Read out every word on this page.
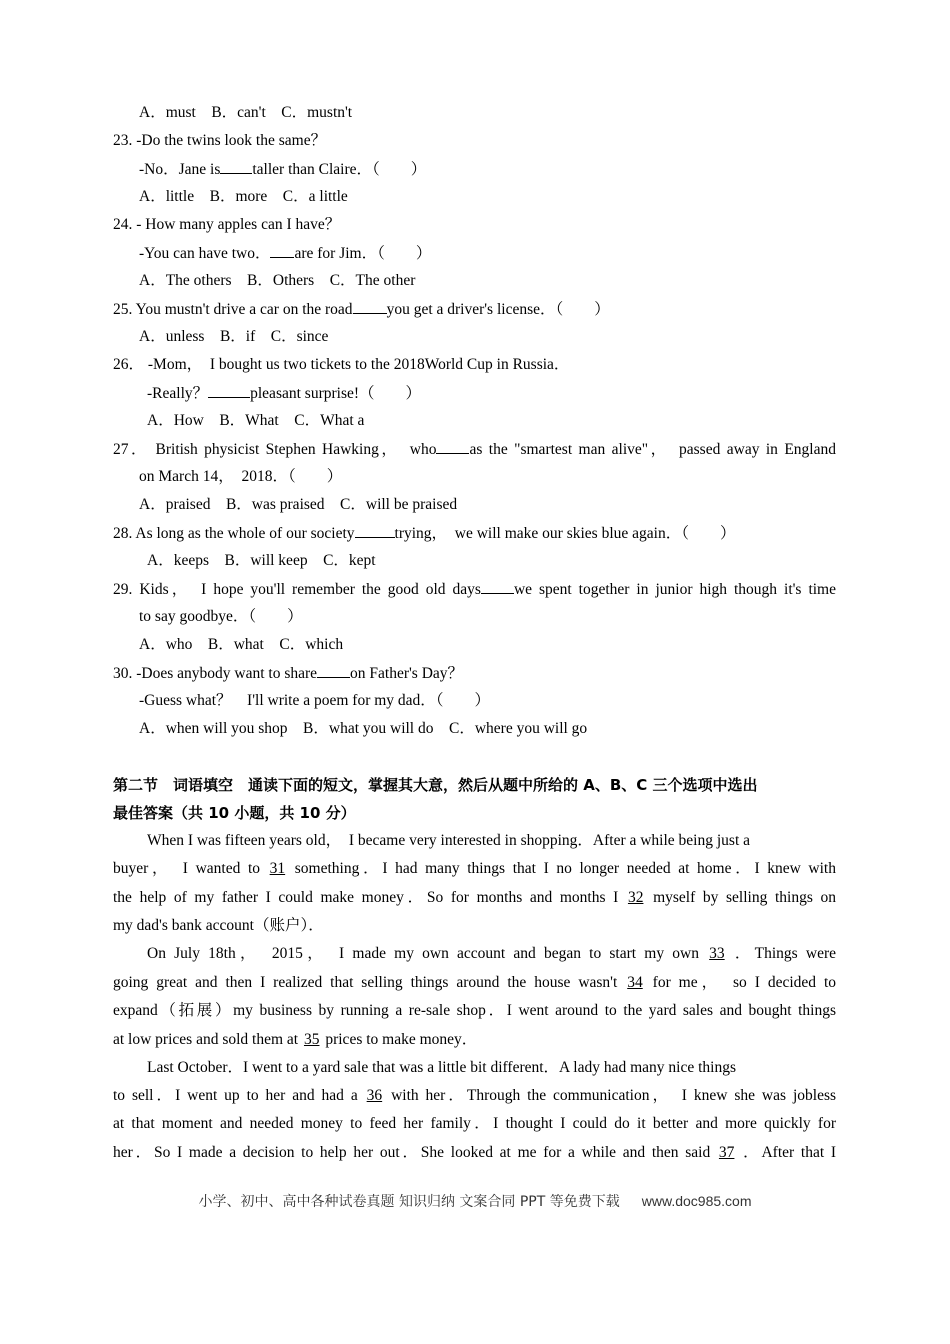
A．must　B．can't　C．mustn't
23. -Do the twins look the same？
-No．Jane is taller than Claire．（　　）
A．little　B．more　C．a little
24. - How many apples can I have？
-You can have two． are for Jim．（　　）
A．The others　B．Others　C．The other
25. You mustn't drive a car on the road you get a driver's license．（　　）
A．unless　B．if　C．since
26． -Mom，　I bought us two tickets to the 2018World Cup in Russia．
-Really？	pleasant surprise!（　　）
A．How　B．What　C．What a
27． British physicist Stephen Hawking，　who as the "smartest man alive"，　passed away in England
on March 14，　2018．（　　）
A．praised　B．was praised　C．will be praised
28. As long as the whole of our society	trying，　we will make our skies blue again．（　　）
A．keeps　B．will keep　C．kept
29. Kids，　I hope you'll remember the good old days we spent together in junior high though it's time
to say goodbye．（　　）
A．who　B．what　C．which
30. -Does anybody want to share on Father's Day？
-Guess what？　I'll write a poem for my dad．（　　）
A．when will you shop　B．what you will do　C．where you will go
第二节　词语填空　通读下面的短文，掌握其大意，然后从题中所给的 A、B、C 三个选项中选出
最佳答案（共 10 小题，共 10 分）
When I was fifteen years old，　I became very interested in shopping．After a while being just a
buyer，　I wanted to 31 something．I had many things that I no longer needed at home．I knew with
the help of my father I could make money．So for months and months I 32 myself by selling things on
my dad's bank account（账户）．
On July 18th，　2015，　I made my own account and began to start my own 33 ．Things were
going great and then I realized that selling things around the house wasn't 34 for me，　so I decided to
expand（拓展）my business by running a re-sale shop．I went around to the yard sales and bought things
at low prices and sold them at 35 prices to make money．
Last October．I went to a yard sale that was a little bit different．A lady had many nice things
to sell．I went up to her and had a 36 with her．Through the communication，　I knew she was jobless
at that moment and needed money to feed her family．I thought I could do it better and more quickly for
her．So I made a decision to help her out．She looked at me for a while and then said 37 ．After that I
小学、初中、高中各种试卷真题 知识归纳 文案合同 PPT 等免费下载 www.doc985.com
